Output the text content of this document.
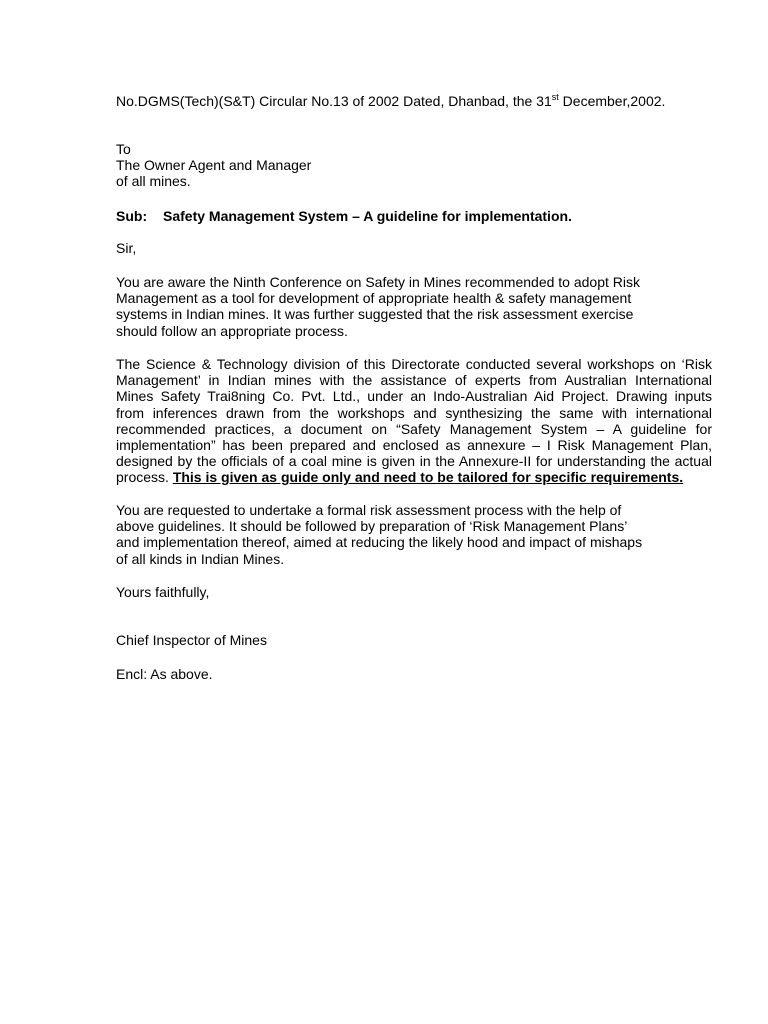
No.DGMS(Tech)(S&T) Circular No.13 of 2002 Dated, Dhanbad, the 31st December,2002.

To
The Owner Agent and Manager
of all mines.

Sub: Safety Management System – A guideline for implementation.

Sir,

You are aware the Ninth Conference on Safety in Mines recommended to adopt Risk
Management as a tool for development of appropriate health & safety management
systems in Indian mines. It was further suggested that the risk assessment exercise
should follow an appropriate process.
The Science & Technology division of this Directorate conducted several workshops on ‘Risk
Management’ in Indian mines with the assistance of experts from Australian International
Mines Safety Trai8ning Co. Pvt. Ltd., under an Indo-Australian Aid Project. Drawing inputs
from inferences drawn from the workshops and synthesizing the same with international
recommended practices, a document on “Safety Management System – A guideline for
implementation” has been prepared and enclosed as annexure – I Risk Management Plan,
designed by the officials of a coal mine is given in the Annexure-II for understanding the actual
process. This is given as guide only and need to be tailored for specific requirements.
You are requested to undertake a formal risk assessment process with the help of
above guidelines. It should be followed by preparation of ‘Risk Management Plans’
and implementation thereof, aimed at reducing the likely hood and impact of mishaps
of all kinds in Indian Mines.

Yours faithfully,

Chief Inspector of Mines

Encl: As above.
